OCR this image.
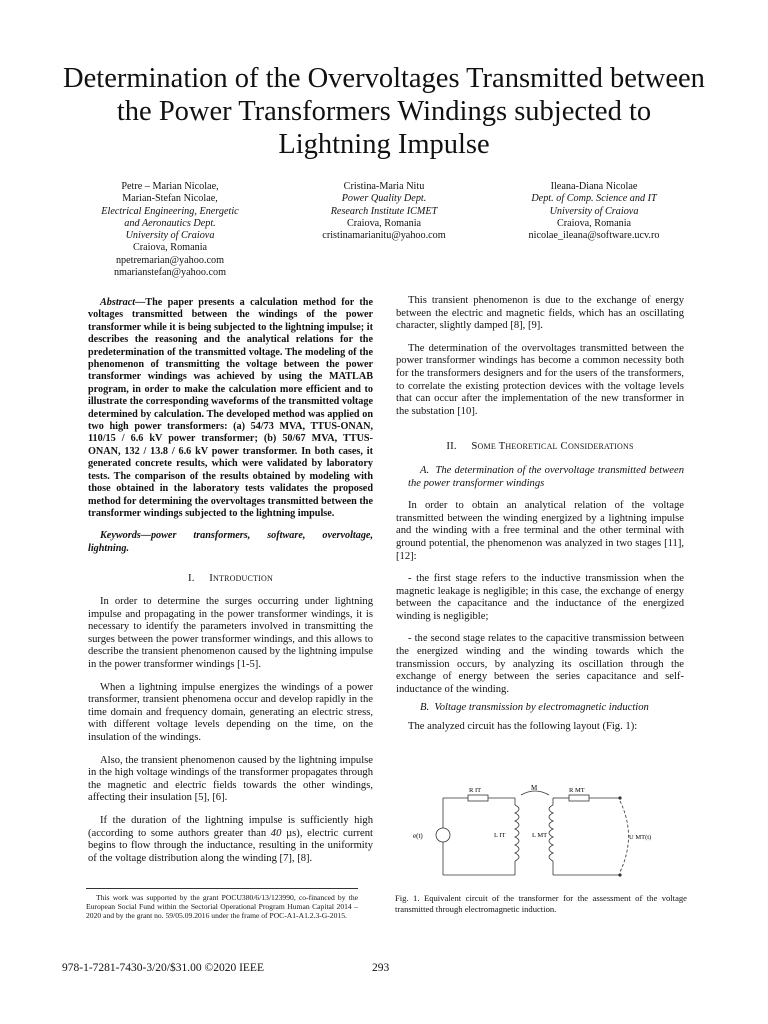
Determination of the Overvoltages Transmitted between the Power Transformers Windings subjected to Lightning Impulse
Petre – Marian Nicolae,
Marian-Stefan Nicolae,
Electrical Engineering, Energetic
and Aeronautics Dept.
University of Craiova
Craiova, Romania
npetremarian@yahoo.com
nmarianstefan@yahoo.com
Cristina-Maria Nitu
Power Quality Dept.
Research Institute ICMET
Craiova, Romania
cristinamarianitu@yahoo.com
Ileana-Diana Nicolae
Dept. of Comp. Science and IT
University of Craiova
Craiova, Romania
nicolae_ileana@software.ucv.ro

Abstract—The paper presents a calculation method for the voltages transmitted between the windings of the power transformer while it is being subjected to the lightning impulse; it describes the reasoning and the analytical relations for the predetermination of the transmitted voltage. The modeling of the phenomenon of transmitting the voltage between the power transformer windings was achieved by using the MATLAB program, in order to make the calculation more efficient and to illustrate the corresponding waveforms of the transmitted voltage determined by calculation. The developed method was applied on two high power transformers: (a) 54/73 MVA, TTUS-ONAN, 110/15 / 6.6 kV power transformer; (b) 50/67 MVA, TTUS-ONAN, 132 / 13.8 / 6.6 kV power transformer. In both cases, it generated concrete results, which were validated by laboratory tests. The comparison of the results obtained by modeling with those obtained in the laboratory tests validates the proposed method for determining the overvoltages transmitted between the transformer windings subjected to the lightning impulse.

Keywords—power transformers, software, overvoltage, lightning.

I. Introduction

In order to determine the surges occurring under lightning impulse and propagating in the power transformer windings, it is necessary to identify the parameters involved in transmitting the surges between the power transformer windings, and this allows to describe the transient phenomenon caused by the lightning impulse in the power transformer windings [1-5].

When a lightning impulse energizes the windings of a power transformer, transient phenomena occur and develop rapidly in the time domain and frequency domain, generating an electric stress, with different voltage levels depending on the time, on the insulation of the windings.

Also, the transient phenomenon caused by the lightning impulse in the high voltage windings of the transformer propagates through the magnetic and electric fields towards the other windings, affecting their insulation [5], [6].

If the duration of the lightning impulse is sufficiently high (according to some authors greater than 40 µs), electric current begins to flow through the inductance, resulting in the uniformity of the voltage distribution along the winding [7], [8].

This work was supported by the grant POCU380/6/13/123990, co-financed by the European Social Fund within the Sectorial Operational Program Human Capital 2014 – 2020 and by the grant no. 59/05.09.2016 under the frame of POC-A1-A1.2.3-G-2015.

This transient phenomenon is due to the exchange of energy between the electric and magnetic fields, which has an oscillating character, slightly damped [8], [9].

The determination of the overvoltages transmitted between the power transformer windings has become a common necessity both for the transformers designers and for the users of the transformers, to correlate the existing protection devices with the voltage levels that can occur after the implementation of the new transformer in the substation [10].

II. Some Theoretical Considerations

A. The determination of the overvoltage transmitted between the power transformer windings

In order to obtain an analytical relation of the voltage transmitted between the winding energized by a lightning impulse and the winding with a free terminal and the other terminal with ground potential, the phenomenon was analyzed in two stages [11], [12]:

- the first stage refers to the inductive transmission when the magnetic leakage is negligible; in this case, the exchange of energy between the capacitance and the inductance of the energized winding is negligible;

- the second stage relates to the capacitive transmission between the energized winding and the winding towards which the transmission occurs, by analyzing its oscillation through the exchange of energy between the series capacitance and self-inductance of the winding.

B. Voltage transmission by electromagnetic induction

The analyzed circuit has the following layout (Fig. 1):

e(t)
R IT	R MT
M
L IT	L MT	U MT(t)
Fig. 1. Equivalent circuit of the transformer for the assessment of the voltage transmitted through electromagnetic induction.
978-1-7281-7430-3/20/$31.00 ©2020 IEEE	293
